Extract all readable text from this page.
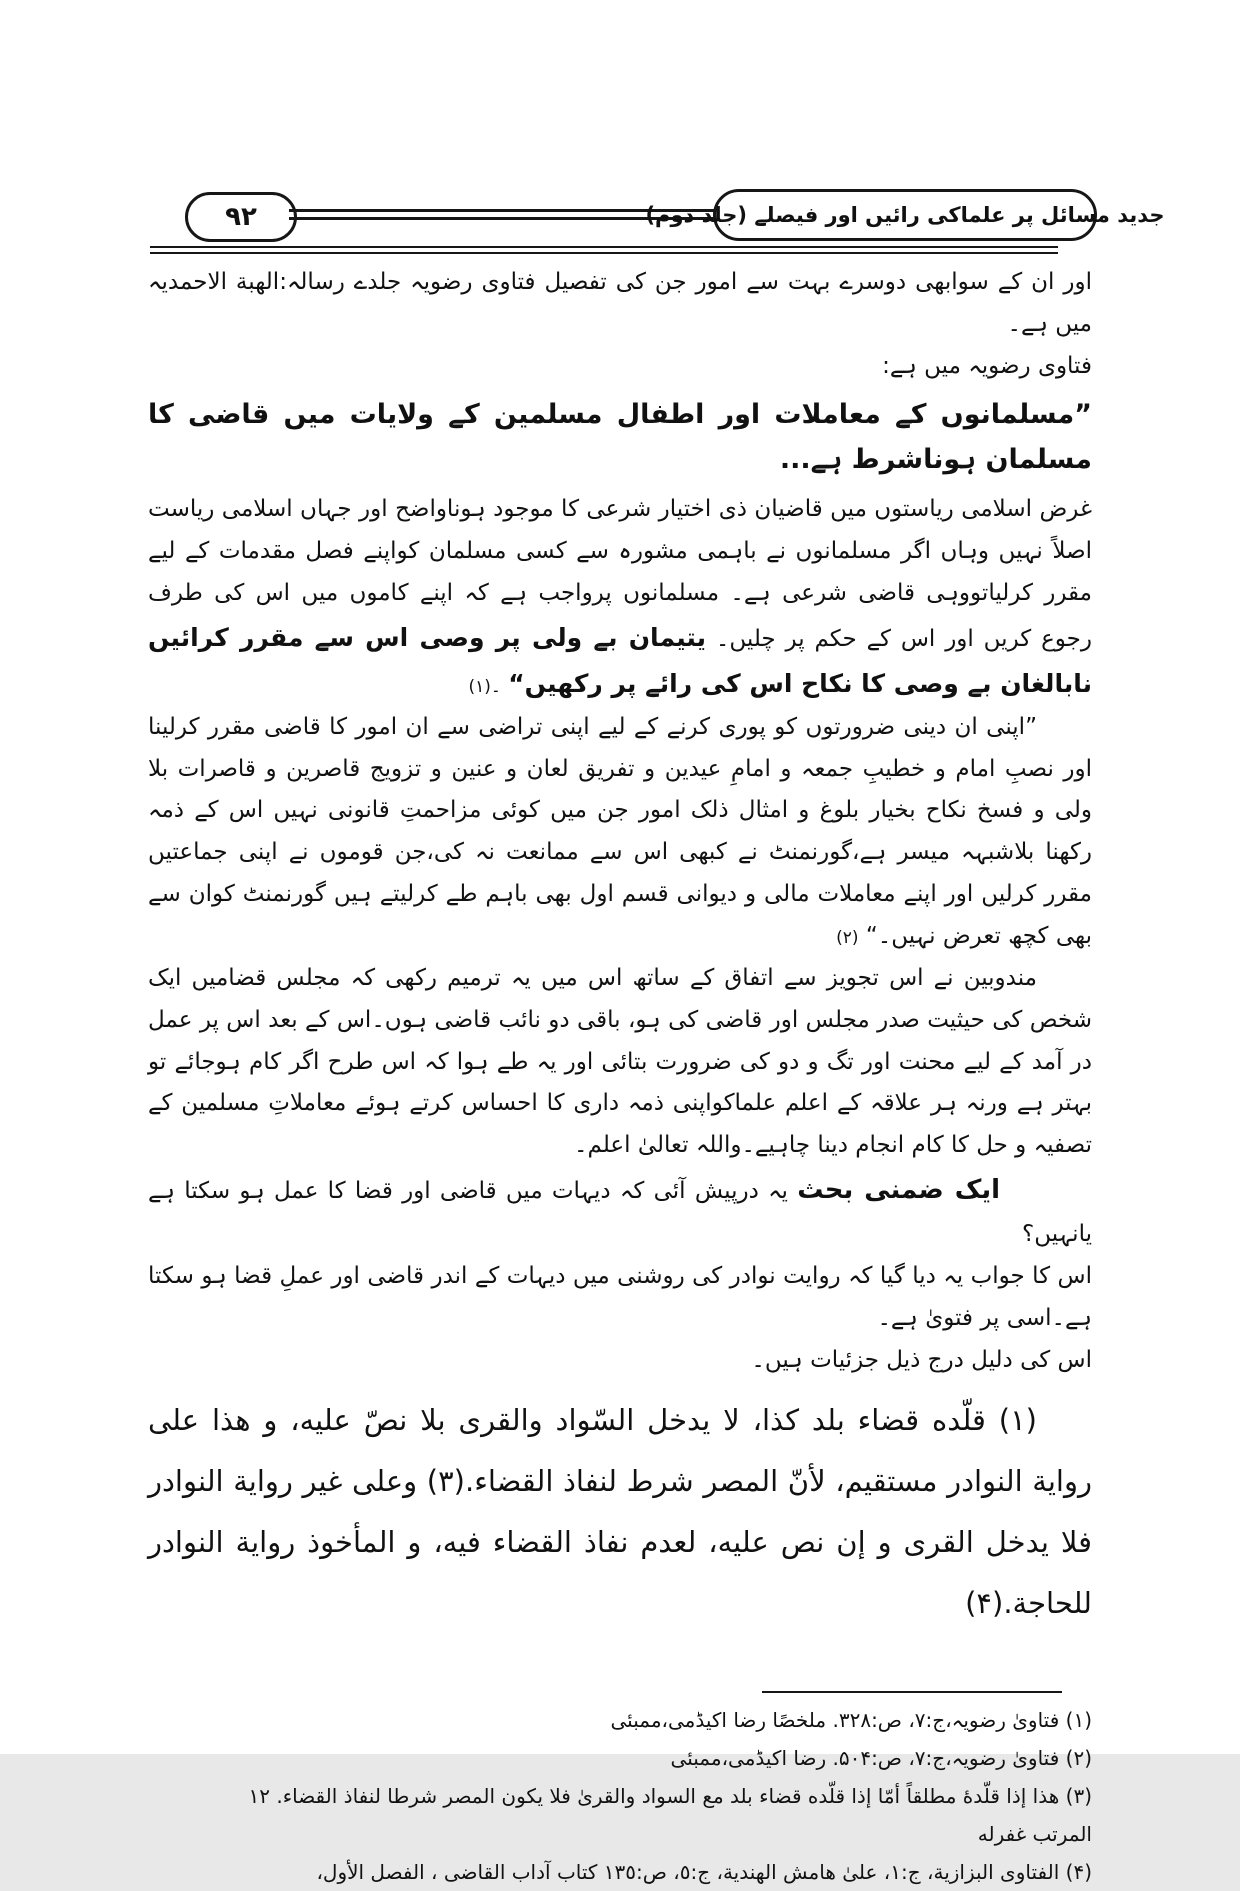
٩٢	جدید مسائل پر علماکی رائیں اور فیصلے (جلد دوم)

اور ان کے سوابھی دوسرے بہت سے امور جن کی تفصیل فتاوی رضویہ جلدے رسالہ:الهبة الاحمدیہ میں ہے۔

فتاوی رضویہ میں ہے:

”مسلمانوں کے معاملات اور اطفال مسلمین کے ولایات میں قاضی کا مسلمان ہوناشرط ہے...

غرض اسلامی ریاستوں میں قاضیان ذی اختیار شرعی کا موجود ہوناواضح اور جہاں اسلامی ریاست اصلاً نہیں وہاں اگر مسلمانوں نے باہمی مشورہ سے کسی مسلمان کواپنے فصل مقدمات کے لیے مقرر کرلیاتووہی قاضی شرعی ہے۔ مسلمانوں پرواجب ہے کہ اپنے کاموں میں اس کی طرف رجوع کریں اور اس کے حکم پر چلیں۔ یتیمان بے ولی پر وصی اس سے مقرر کرائیں نابالغان بے وصی کا نکاح اس کی رائے پر رکھیں“ ۔(۱)

”اپنی ان دینی ضرورتوں کو پوری کرنے کے لیے اپنی تراضی سے ان امور کا قاضی مقرر کرلینا اور نصبِ امام و خطیبِ جمعہ و امامِ عیدین و تفریق لعان و عنین و تزویج قاصرین و قاصرات بلا ولی و فسخ نکاح بخیار بلوغ و امثال ذلک امور جن میں کوئی مزاحمتِ قانونی نہیں اس کے ذمہ رکھنا بلاشبہہ میسر ہے،گورنمنٹ نے کبھی اس سے ممانعت نہ کی،جن قوموں نے اپنی جماعتیں مقرر کرلیں اور اپنے معاملات مالی و دیوانی قسم اول بھی باہم طے کرلیتے ہیں گورنمنٹ کوان سے بھی کچھ تعرض نہیں۔“ (۲)

مندوبین نے اس تجویز سے اتفاق کے ساتھ اس میں یہ ترمیم رکھی کہ مجلس قضامیں ایک شخص کی حیثیت صدر مجلس اور قاضی کی ہو، باقی دو نائب قاضی ہوں۔اس کے بعد اس پر عمل در آمد کے لیے محنت اور تگ و دو کی ضرورت بتائی اور یہ طے ہوا کہ اس طرح اگر کام ہوجائے تو بہتر ہے ورنہ ہر علاقہ کے اعلم علماکواپنی ذمہ داری کا احساس کرتے ہوئے معاملاتِ مسلمین کے تصفیہ و حل کا کام انجام دینا چاہیے۔واللہ تعالیٰ اعلم۔

ایک ضمنی بحث یہ درپیش آئی کہ دیہات میں قاضی اور قضا کا عمل ہو سکتا ہے یانہیں؟

اس کا جواب یہ دیا گیا کہ روایت نوادر کی روشنی میں دیہات کے اندر قاضی اور عملِ قضا ہو سکتا ہے۔اسی پر فتویٰ ہے۔

اس کی دلیل درج ذیل جزئیات ہیں۔

(۱) قلّده قضاء بلد كذا، لا يدخل السّواد والقرى بلا نصّ عليه، و هذا على رواية النوادر مستقيم، لأنّ المصر شرط لنفاذ القضاء.(۳) وعلى غير رواية النوادر فلا يدخل القرى و إن نص عليه، لعدم نفاذ القضاء فيه، و المأخوذ رواية النوادر للحاجة.(۴)

(۱) فتاویٰ رضویہ،ج:۷، ص:۳۲۸. ملخصًا رضا اکیڈمی،ممبئی
(۲) فتاویٰ رضویہ،ج:۷، ص:۵۰۴. رضا اکیڈمی،ممبئی
(۳) هذا إذا قلّدهٔ مطلقاً أمّا إذا قلّده قضاء بلد مع السواد والقرىٰ فلا يكون المصر شرطا لنفاذ القضاء. ١٢
المرتب غفرله
(۴) الفتاوى البزازية، ج:١، علىٰ هامش الهندية، ج:٥، ص:١٣٥ كتاب آداب القاضى ، الفصل الأول،
